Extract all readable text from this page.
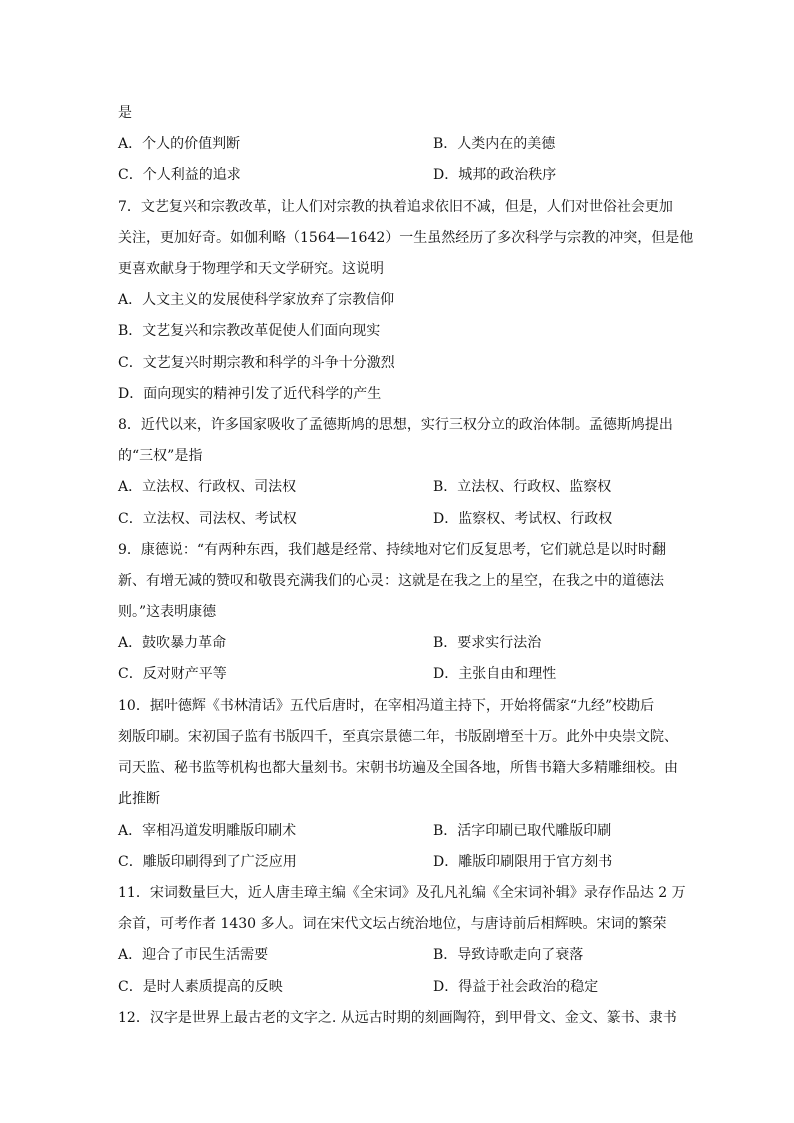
是
A．个人的价值判断	B．人类内在的美德
C．个人利益的追求	D．城邦的政治秩序
7．文艺复兴和宗教改革，让人们对宗教的执着追求依旧不减，但是，人们对世俗社会更加
关注，更加好奇。如伽利略（1564—1642）一生虽然经历了多次科学与宗教的冲突，但是他
更喜欢献身于物理学和天文学研究。这说明
A．人文主义的发展使科学家放弃了宗教信仰
B．文艺复兴和宗教改革促使人们面向现实
C．文艺复兴时期宗教和科学的斗争十分激烈
D．面向现实的精神引发了近代科学的产生
8．近代以来，许多国家吸收了孟德斯鸠的思想，实行三权分立的政治体制。孟德斯鸠提出
的“三权”是指
A．立法权、行政权、司法权	B．立法权、行政权、监察权
C．立法权、司法权、考试权	D．监察权、考试权、行政权
9．康德说：“有两种东西，我们越是经常、持续地对它们反复思考，它们就总是以时时翻
新、有增无减的赞叹和敬畏充满我们的心灵：这就是在我之上的星空，在我之中的道德法
则。”这表明康德
A．鼓吹暴力革命	B．要求实行法治
C．反对财产平等	D．主张自由和理性
10．据叶德辉《书林清话》五代后唐时，在宰相冯道主持下，开始将儒家“九经”校勘后
刻版印刷。宋初国子监有书版四千，至真宗景德二年，书版剧增至十万。此外中央崇文院、
司天监、秘书监等机构也都大量刻书。宋朝书坊遍及全国各地，所售书籍大多精雕细校。由
此推断
A．宰相冯道发明雕版印刷术	B．活字印刷已取代雕版印刷
C．雕版印刷得到了广泛应用	D．雕版印刷限用于官方刻书
11．宋词数量巨大，近人唐圭璋主编《全宋词》及孔凡礼编《全宋词补辑》录存作品达 2 万
余首，可考作者 1430 多人。词在宋代文坛占统治地位，与唐诗前后相辉映。宋词的繁荣
A．迎合了市民生活需要	B．导致诗歌走向了衰落
C．是时人素质提高的反映	D．得益于社会政治的稳定
12．汉字是世界上最古老的文字之. 从远古时期的刻画陶符，到甲骨文、金文、篆书、隶书
